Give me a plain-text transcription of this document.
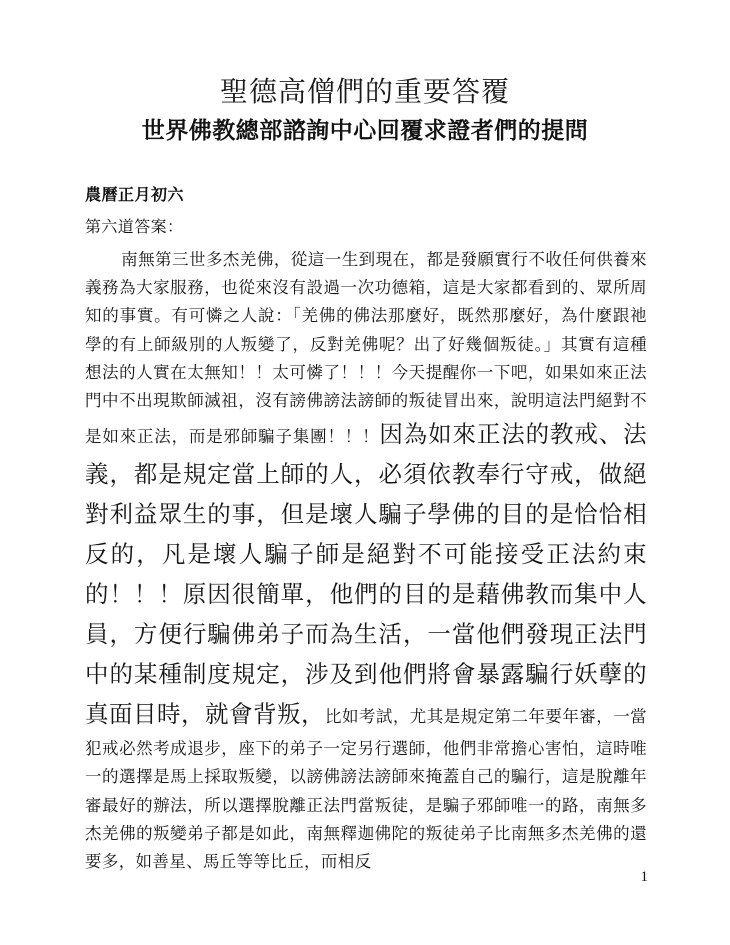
聖德高僧們的重要答覆
世界佛教總部諮詢中心回覆求證者們的提問
農曆正月初六
第六道答案：

南無第三世多杰羌佛，從這一生到現在，都是發願實行不收任何供養來義務為大家服務，也從來沒有設過一次功德箱，這是大家都看到的、眾所周知的事實。有可憐之人說：「羌佛的佛法那麼好，既然那麼好，為什麼跟祂學的有上師級別的人叛變了，反對羌佛呢？出了好幾個叛徒。」其實有這種想法的人實在太無知！！太可憐了！！！今天提醒你一下吧，如果如來正法門中不出現欺師滅祖，沒有謗佛謗法謗師的叛徒冒出來，說明這法門絕對不是如來正法，而是邪師騙子集團！！！因為如來正法的教戒、法義，都是規定當上師的人，必須依教奉行守戒，做絕對利益眾生的事，但是壞人騙子學佛的目的是恰恰相反的，凡是壞人騙子師是絕對不可能接受正法約束的！！！原因很簡單，他們的目的是藉佛教而集中人員，方便行騙佛弟子而為生活，一當他們發現正法門中的某種制度規定，涉及到他們將會暴露騙行妖孽的真面目時，就會背叛，比如考試，尤其是規定第二年要年審，一當犯戒必然考成退步，座下的弟子一定另行選師，他們非常擔心害怕，這時唯一的選擇是馬上採取叛變，以謗佛謗法謗師來掩蓋自己的騙行，這是脫離年審最好的辦法，所以選擇脫離正法門當叛徒，是騙子邪師唯一的路，南無多杰羌佛的叛變弟子都是如此，南無釋迦佛陀的叛徒弟子比南無多杰羌佛的還要多，如善星、馬丘等等比丘，而相反

1
